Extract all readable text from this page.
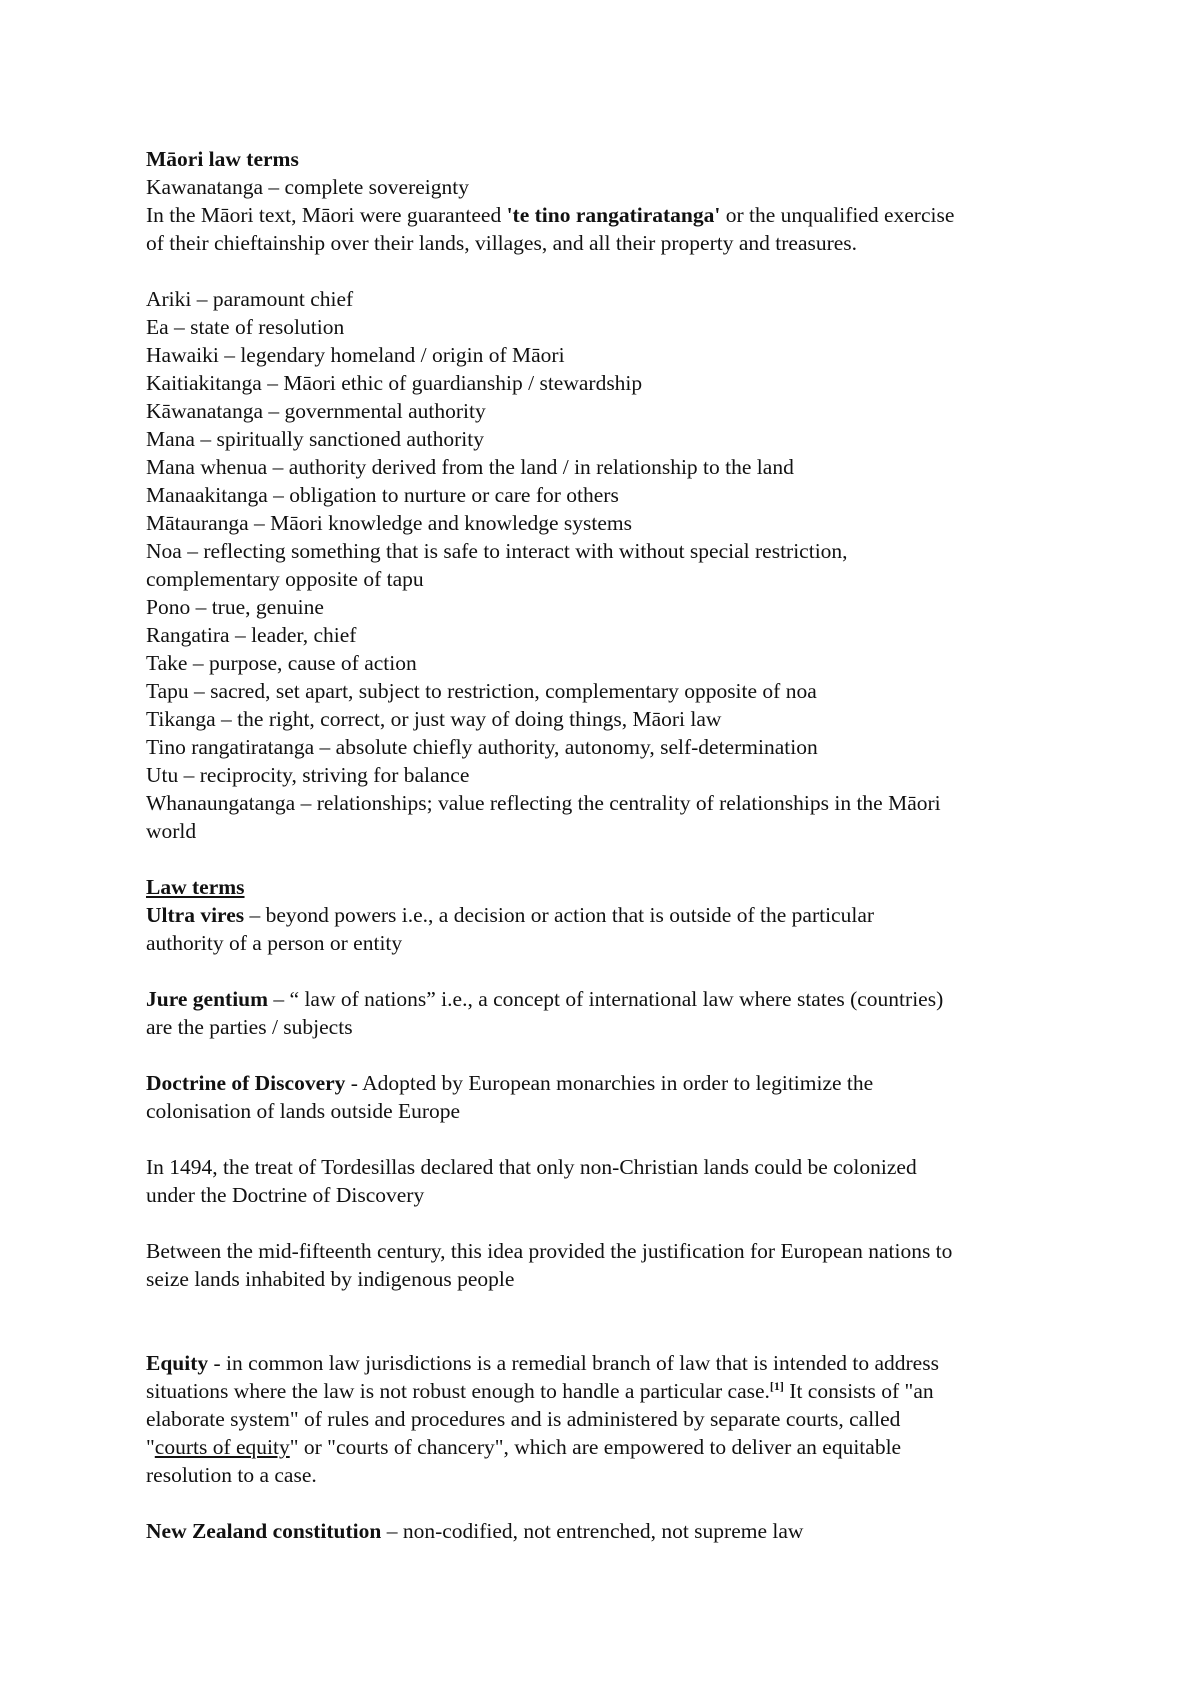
Māori law terms
Kawanatanga – complete sovereignty
In the Māori text, Māori were guaranteed 'te tino rangatiratanga' or the unqualified exercise
of their chieftainship over their lands, villages, and all their property and treasures.
Ariki – paramount chief
Ea – state of resolution
Hawaiki – legendary homeland / origin of Māori
Kaitiakitanga – Māori ethic of guardianship / stewardship
Kāwanatanga – governmental authority
Mana – spiritually sanctioned authority
Mana whenua – authority derived from the land / in relationship to the land
Manaakitanga – obligation to nurture or care for others
Mātauranga – Māori knowledge and knowledge systems
Noa – reflecting something that is safe to interact with without special restriction,
complementary opposite of tapu
Pono – true, genuine
Rangatira – leader, chief
Take – purpose, cause of action
Tapu – sacred, set apart, subject to restriction, complementary opposite of noa
Tikanga – the right, correct, or just way of doing things, Māori law
Tino rangatiratanga – absolute chiefly authority, autonomy, self-determination
Utu – reciprocity, striving for balance
Whanaungatanga – relationships; value reflecting the centrality of relationships in the Māori
world
Law terms
Ultra vires – beyond powers i.e., a decision or action that is outside of the particular
authority of a person or entity
Jure gentium – “ law of nations” i.e., a concept of international law where states (countries)
are the parties / subjects
Doctrine of Discovery - Adopted by European monarchies in order to legitimize the
colonisation of lands outside Europe
In 1494, the treat of Tordesillas declared that only non-Christian lands could be colonized
under the Doctrine of Discovery
Between the mid-fifteenth century, this idea provided the justification for European nations to
seize lands inhabited by indigenous people
Equity - in common law jurisdictions is a remedial branch of law that is intended to address
situations where the law is not robust enough to handle a particular case.[1] It consists of "an
elaborate system" of rules and procedures and is administered by separate courts, called
"courts of equity" or "courts of chancery", which are empowered to deliver an equitable
resolution to a case.
New Zealand constitution – non-codified, not entrenched, not supreme law
